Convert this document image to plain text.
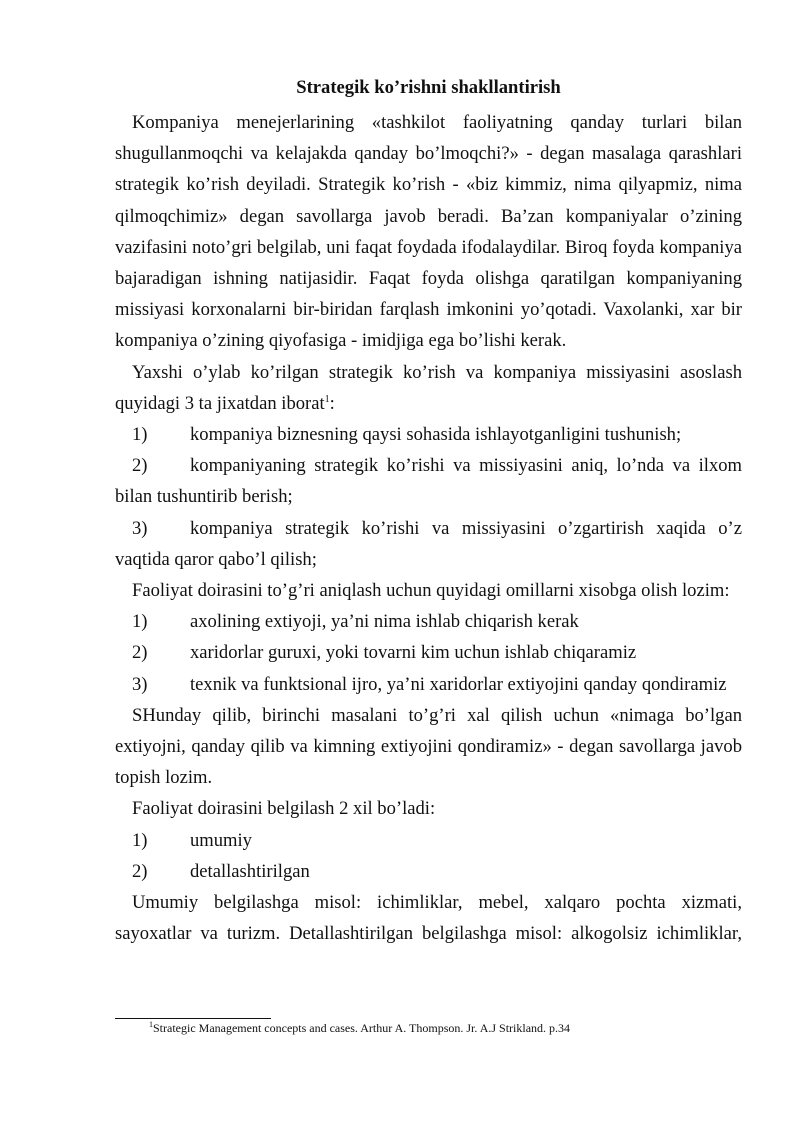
Strategik ko’rishni shakllantirish

Kompaniya menejerlarining «tashkilot faoliyatning qanday turlari bilan shugullanmoqchi va kelajakda qanday bo’lmoqchi?» - degan masalaga qarashlari strategik ko’rish deyiladi. Strategik ko’rish - «biz kimmiz, nima qilyapmiz, nima qilmoqchimiz» degan savollarga javob beradi. Ba’zan kompaniyalar o’zining vazifasini noto’gri belgilab, uni faqat foydada ifodalaydilar. Biroq foyda kompaniya bajaradigan ishning natijasidir. Faqat foyda olishga qaratilgan kompaniyaning missiyasi korxonalarni bir-biridan farqlash imkonini yo’qotadi. Vaxolanki, xar bir kompaniya o’zining qiyofasiga - imidjiga ega bo’lishi kerak.

Yaxshi o’ylab ko’rilgan strategik ko’rish va kompaniya missiyasini asoslash quyidagi 3 ta jixatdan iborat$^1$:

1) kompaniya biznesning qaysi sohasida ishlayotganligini tushunish;

2) kompaniyaning strategik ko’rishi va missiyasini aniq, lo’nda va ilxom bilan tushuntirib berish;

3) kompaniya strategik ko’rishi va missiyasini o’zgartirish xaqida o’z vaqtida qaror qabo’l qilish;

Faoliyat doirasini to’g’ri aniqlash uchun quyidagi omillarni xisobga olish lozim:

1) axolining extiyoji, ya’ni nima ishlab chiqarish kerak

2) xaridorlar guruxi, yoki tovarni kim uchun ishlab chiqaramiz

3) texnik va funktsional ijro, ya’ni xaridorlar extiyojini qanday qondiramiz

SHunday qilib, birinchi masalani to’g’ri xal qilish uchun «nimaga bo’lgan extiyojni, qanday qilib va kimning extiyojini qondiramiz» - degan savollarga javob topish lozim.

Faoliyat doirasini belgilash 2 xil bo’ladi:

1) umumiy

2) detallashtirilgan

Umumiy belgilashga misol: ichimliklar, mebel, xalqaro pochta xizmati, sayoxatlar va turizm. Detallashtirilgan belgilashga misol: alkogolsiz ichimliklar,

$^1$Strategic Management concepts and cases. Arthur A. Thompson. Jr. A.J Strikland. p.34
